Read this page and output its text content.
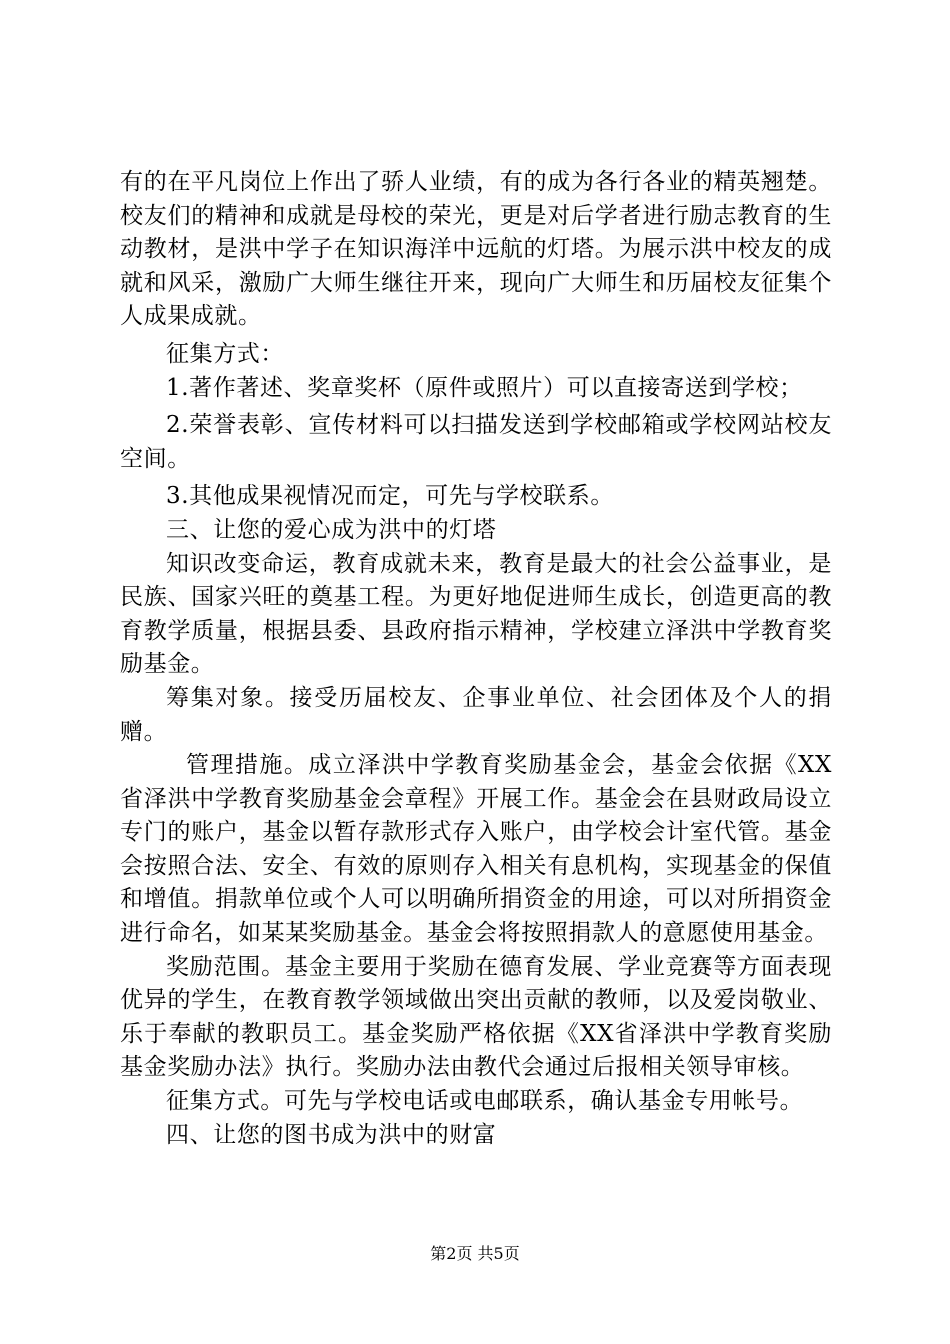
有的在平凡岗位上作出了骄人业绩，有的成为各行各业的精英翘楚。校友们的精神和成就是母校的荣光，更是对后学者进行励志教育的生动教材，是洪中学子在知识海洋中远航的灯塔。为展示洪中校友的成就和风采，激励广大师生继往开来，现向广大师生和历届校友征集个人成果成就。

征集方式：

1.著作著述、奖章奖杯（原件或照片）可以直接寄送到学校；

2.荣誉表彰、宣传材料可以扫描发送到学校邮箱或学校网站校友空间。

3.其他成果视情况而定，可先与学校联系。

三、让您的爱心成为洪中的灯塔

知识改变命运，教育成就未来，教育是最大的社会公益事业，是民族、国家兴旺的奠基工程。为更好地促进师生成长，创造更高的教育教学质量，根据县委、县政府指示精神，学校建立泽洪中学教育奖励基金。

筹集对象。接受历届校友、企事业单位、社会团体及个人的捐赠。

管理措施。成立泽洪中学教育奖励基金会，基金会依据《XX省泽洪中学教育奖励基金会章程》开展工作。基金会在县财政局设立专门的账户，基金以暂存款形式存入账户，由学校会计室代管。基金会按照合法、安全、有效的原则存入相关有息机构，实现基金的保值和增值。捐款单位或个人可以明确所捐资金的用途，可以对所捐资金进行命名，如某某奖励基金。基金会将按照捐款人的意愿使用基金。

奖励范围。基金主要用于奖励在德育发展、学业竞赛等方面表现优异的学生，在教育教学领域做出突出贡献的教师，以及爱岗敬业、乐于奉献的教职员工。基金奖励严格依据《XX省泽洪中学教育奖励基金奖励办法》执行。奖励办法由教代会通过后报相关领导审核。

征集方式。可先与学校电话或电邮联系，确认基金专用帐号。

四、让您的图书成为洪中的财富

第2页 共5页
